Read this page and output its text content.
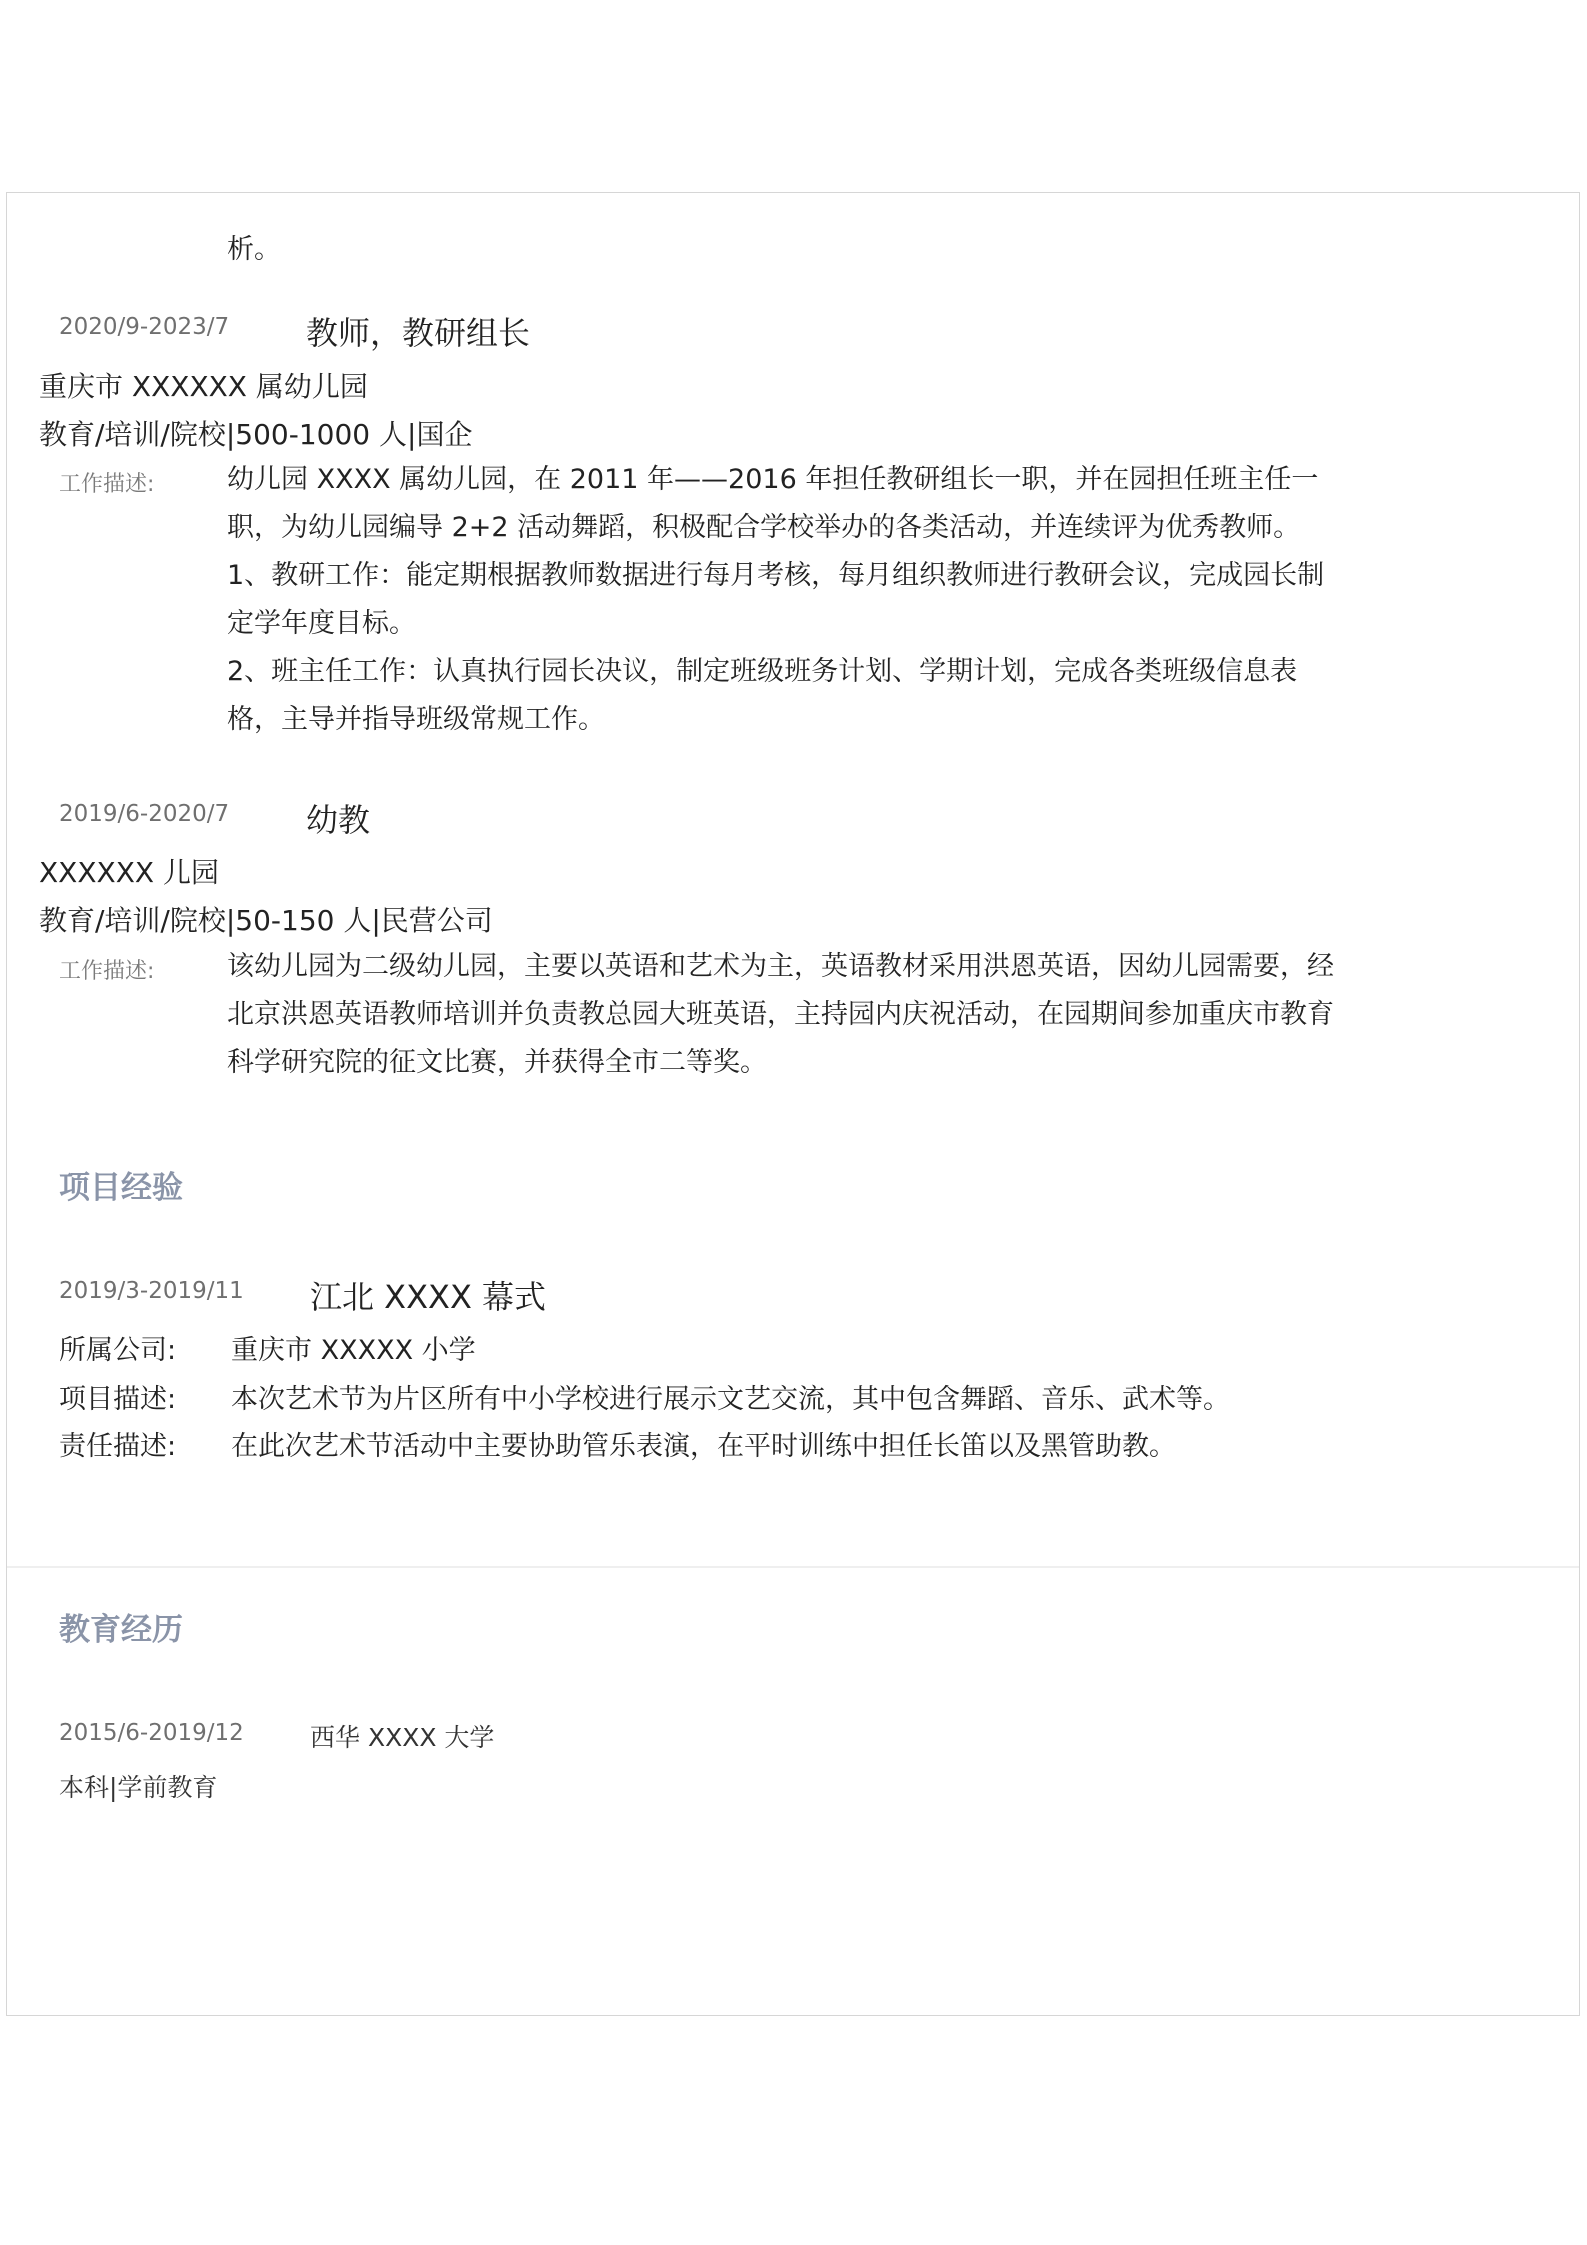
析。
2020/9-2023/7 教师，教研组长
重庆市 XXXXXX 属幼儿园
教育/培训/院校|500-1000 人|国企
工作描述:	幼儿园 XXXX 属幼儿园，在 2011 年——2016 年担任教研组长一职，并在园担任班主任一
职，为幼儿园编导 2+2 活动舞蹈，积极配合学校举办的各类活动，并连续评为优秀教师。
1、教研工作：能定期根据教师数据进行每月考核，每月组织教师进行教研会议，完成园长制
定学年度目标。
2、班主任工作：认真执行园长决议，制定班级班务计划、学期计划，完成各类班级信息表
格，主导并指导班级常规工作。
2019/6-2020/7 幼教
XXXXXX 儿园
教育/培训/院校|50-150 人|民营公司
工作描述:	该幼儿园为二级幼儿园，主要以英语和艺术为主，英语教材采用洪恩英语，因幼儿园需要，经
北京洪恩英语教师培训并负责教总园大班英语，主持园内庆祝活动，在园期间参加重庆市教育
科学研究院的征文比赛，并获得全市二等奖。
项目经验
2019/3-2019/11 江北 XXXX 幕式
所属公司: 重庆市 XXXXX 小学
项目描述: 本次艺术节为片区所有中小学校进行展示文艺交流，其中包含舞蹈、音乐、武术等。
责任描述: 在此次艺术节活动中主要协助管乐表演，在平时训练中担任长笛以及黑管助教。
教育经历
2015/6-2019/12	西华 XXXX 大学
本科|学前教育
